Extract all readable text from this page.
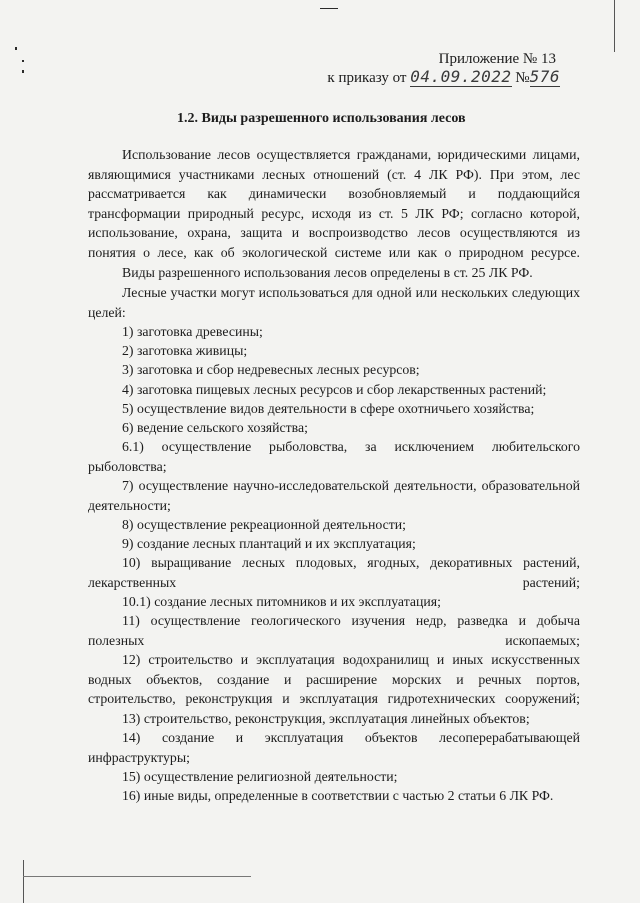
Приложение № 13
к приказу от 04.09.2022 №576
1.2. Виды разрешенного использования лесов
Использование лесов осуществляется гражданами, юридическими лицами, являющимися участниками лесных отношений (ст. 4 ЛК РФ). При этом, лес рассматривается как динамически возобновляемый и поддающийся трансформации природный ресурс, исходя из ст. 5 ЛК РФ; согласно которой, использование, охрана, защита и воспроизводство лесов осуществляются из понятия о лесе, как об экологической системе или как о природном ресурсе.
Виды разрешенного использования лесов определены в ст. 25 ЛК РФ.
Лесные участки могут использоваться для одной или нескольких следующих целей:
1) заготовка древесины;
2) заготовка живицы;
3) заготовка и сбор недревесных лесных ресурсов;
4) заготовка пищевых лесных ресурсов и сбор лекарственных растений;
5) осуществление видов деятельности в сфере охотничьего хозяйства;
6) ведение сельского хозяйства;
6.1) осуществление рыболовства, за исключением любительского рыболовства;
7) осуществление научно-исследовательской деятельности, образовательной деятельности;
8) осуществление рекреационной деятельности;
9) создание лесных плантаций и их эксплуатация;
10) выращивание лесных плодовых, ягодных, декоративных растений, лекарственных растений;
10.1) создание лесных питомников и их эксплуатация;
11) осуществление геологического изучения недр, разведка и добыча полезных ископаемых;
12) строительство и эксплуатация водохранилищ и иных искусственных водных объектов, создание и расширение морских и речных портов, строительство, реконструкция и эксплуатация гидротехнических сооружений;
13) строительство, реконструкция, эксплуатация линейных объектов;
14) создание и эксплуатация объектов лесоперерабатывающей инфраструктуры;
15) осуществление религиозной деятельности;
16) иные виды, определенные в соответствии с частью 2 статьи 6 ЛК РФ.
